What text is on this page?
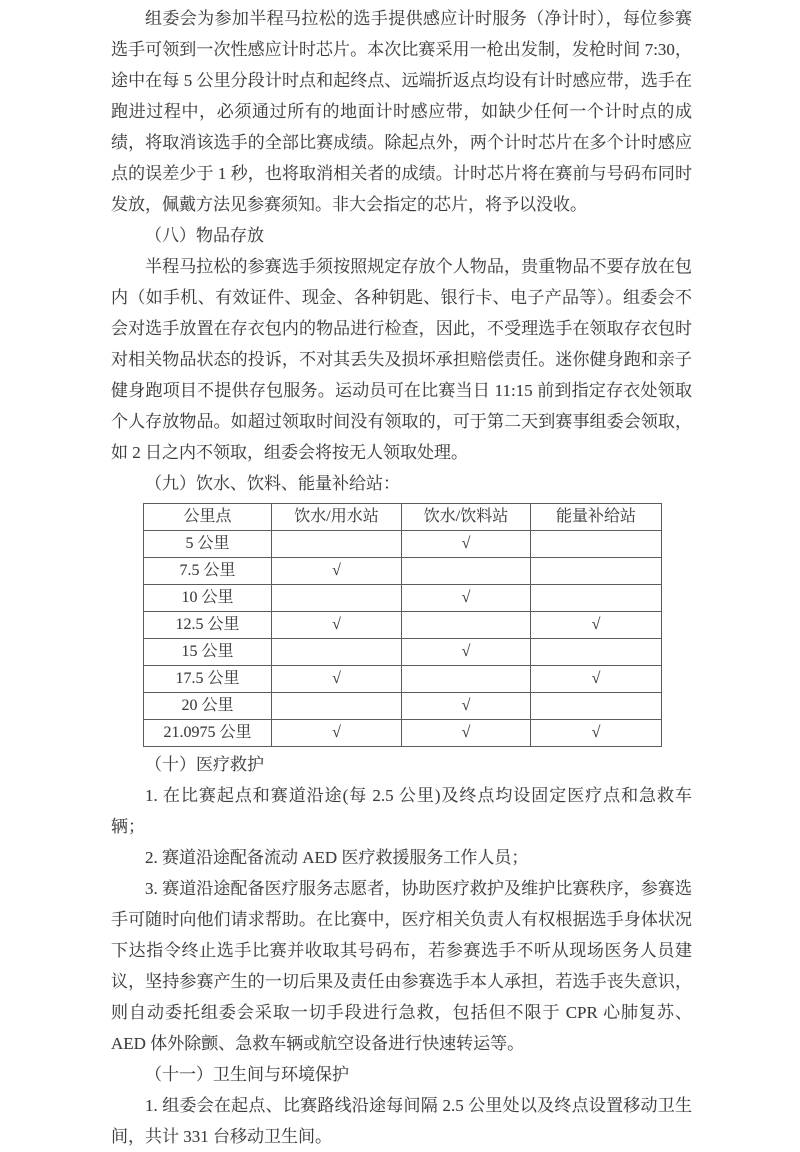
组委会为参加半程马拉松的选手提供感应计时服务（净计时），每位参赛选手可领到一次性感应计时芯片。本次比赛采用一枪出发制，发枪时间 7:30，途中在每 5 公里分段计时点和起终点、远端折返点均设有计时感应带，选手在跑进过程中，必须通过所有的地面计时感应带，如缺少任何一个计时点的成绩，将取消该选手的全部比赛成绩。除起点外，两个计时芯片在多个计时感应点的误差少于 1 秒，也将取消相关者的成绩。计时芯片将在赛前与号码布同时发放，佩戴方法见参赛须知。非大会指定的芯片，将予以没收。

（八）物品存放

半程马拉松的参赛选手须按照规定存放个人物品，贵重物品不要存放在包内（如手机、有效证件、现金、各种钥匙、银行卡、电子产品等）。组委会不会对选手放置在存衣包内的物品进行检查，因此，不受理选手在领取存衣包时对相关物品状态的投诉，不对其丢失及损坏承担赔偿责任。迷你健身跑和亲子健身跑项目不提供存包服务。运动员可在比赛当日 11:15 前到指定存衣处领取个人存放物品。如超过领取时间没有领取的，可于第二天到赛事组委会领取，如 2 日之内不领取，组委会将按无人领取处理。

（九）饮水、饮料、能量补给站：

公里点	饮水/用水站	饮水/饮料站	能量补给站
5 公里		√	
7.5 公里	√		
10 公里		√	
12.5 公里	√		√
15 公里		√	
17.5 公里	√		√
20 公里		√	
21.0975 公里	√	√	√

（十）医疗救护

1. 在比赛起点和赛道沿途(每 2.5 公里)及终点均设固定医疗点和急救车辆；

2. 赛道沿途配备流动 AED 医疗救援服务工作人员；

3. 赛道沿途配备医疗服务志愿者，协助医疗救护及维护比赛秩序，参赛选手可随时向他们请求帮助。在比赛中，医疗相关负责人有权根据选手身体状况下达指令终止选手比赛并收取其号码布，若参赛选手不听从现场医务人员建议，坚持参赛产生的一切后果及责任由参赛选手本人承担，若选手丧失意识，则自动委托组委会采取一切手段进行急救，包括但不限于 CPR 心肺复苏、AED 体外除颤、急救车辆或航空设备进行快速转运等。

（十一）卫生间与环境保护

1. 组委会在起点、比赛路线沿途每间隔 2.5 公里处以及终点设置移动卫生间，共计 331 台移动卫生间。
